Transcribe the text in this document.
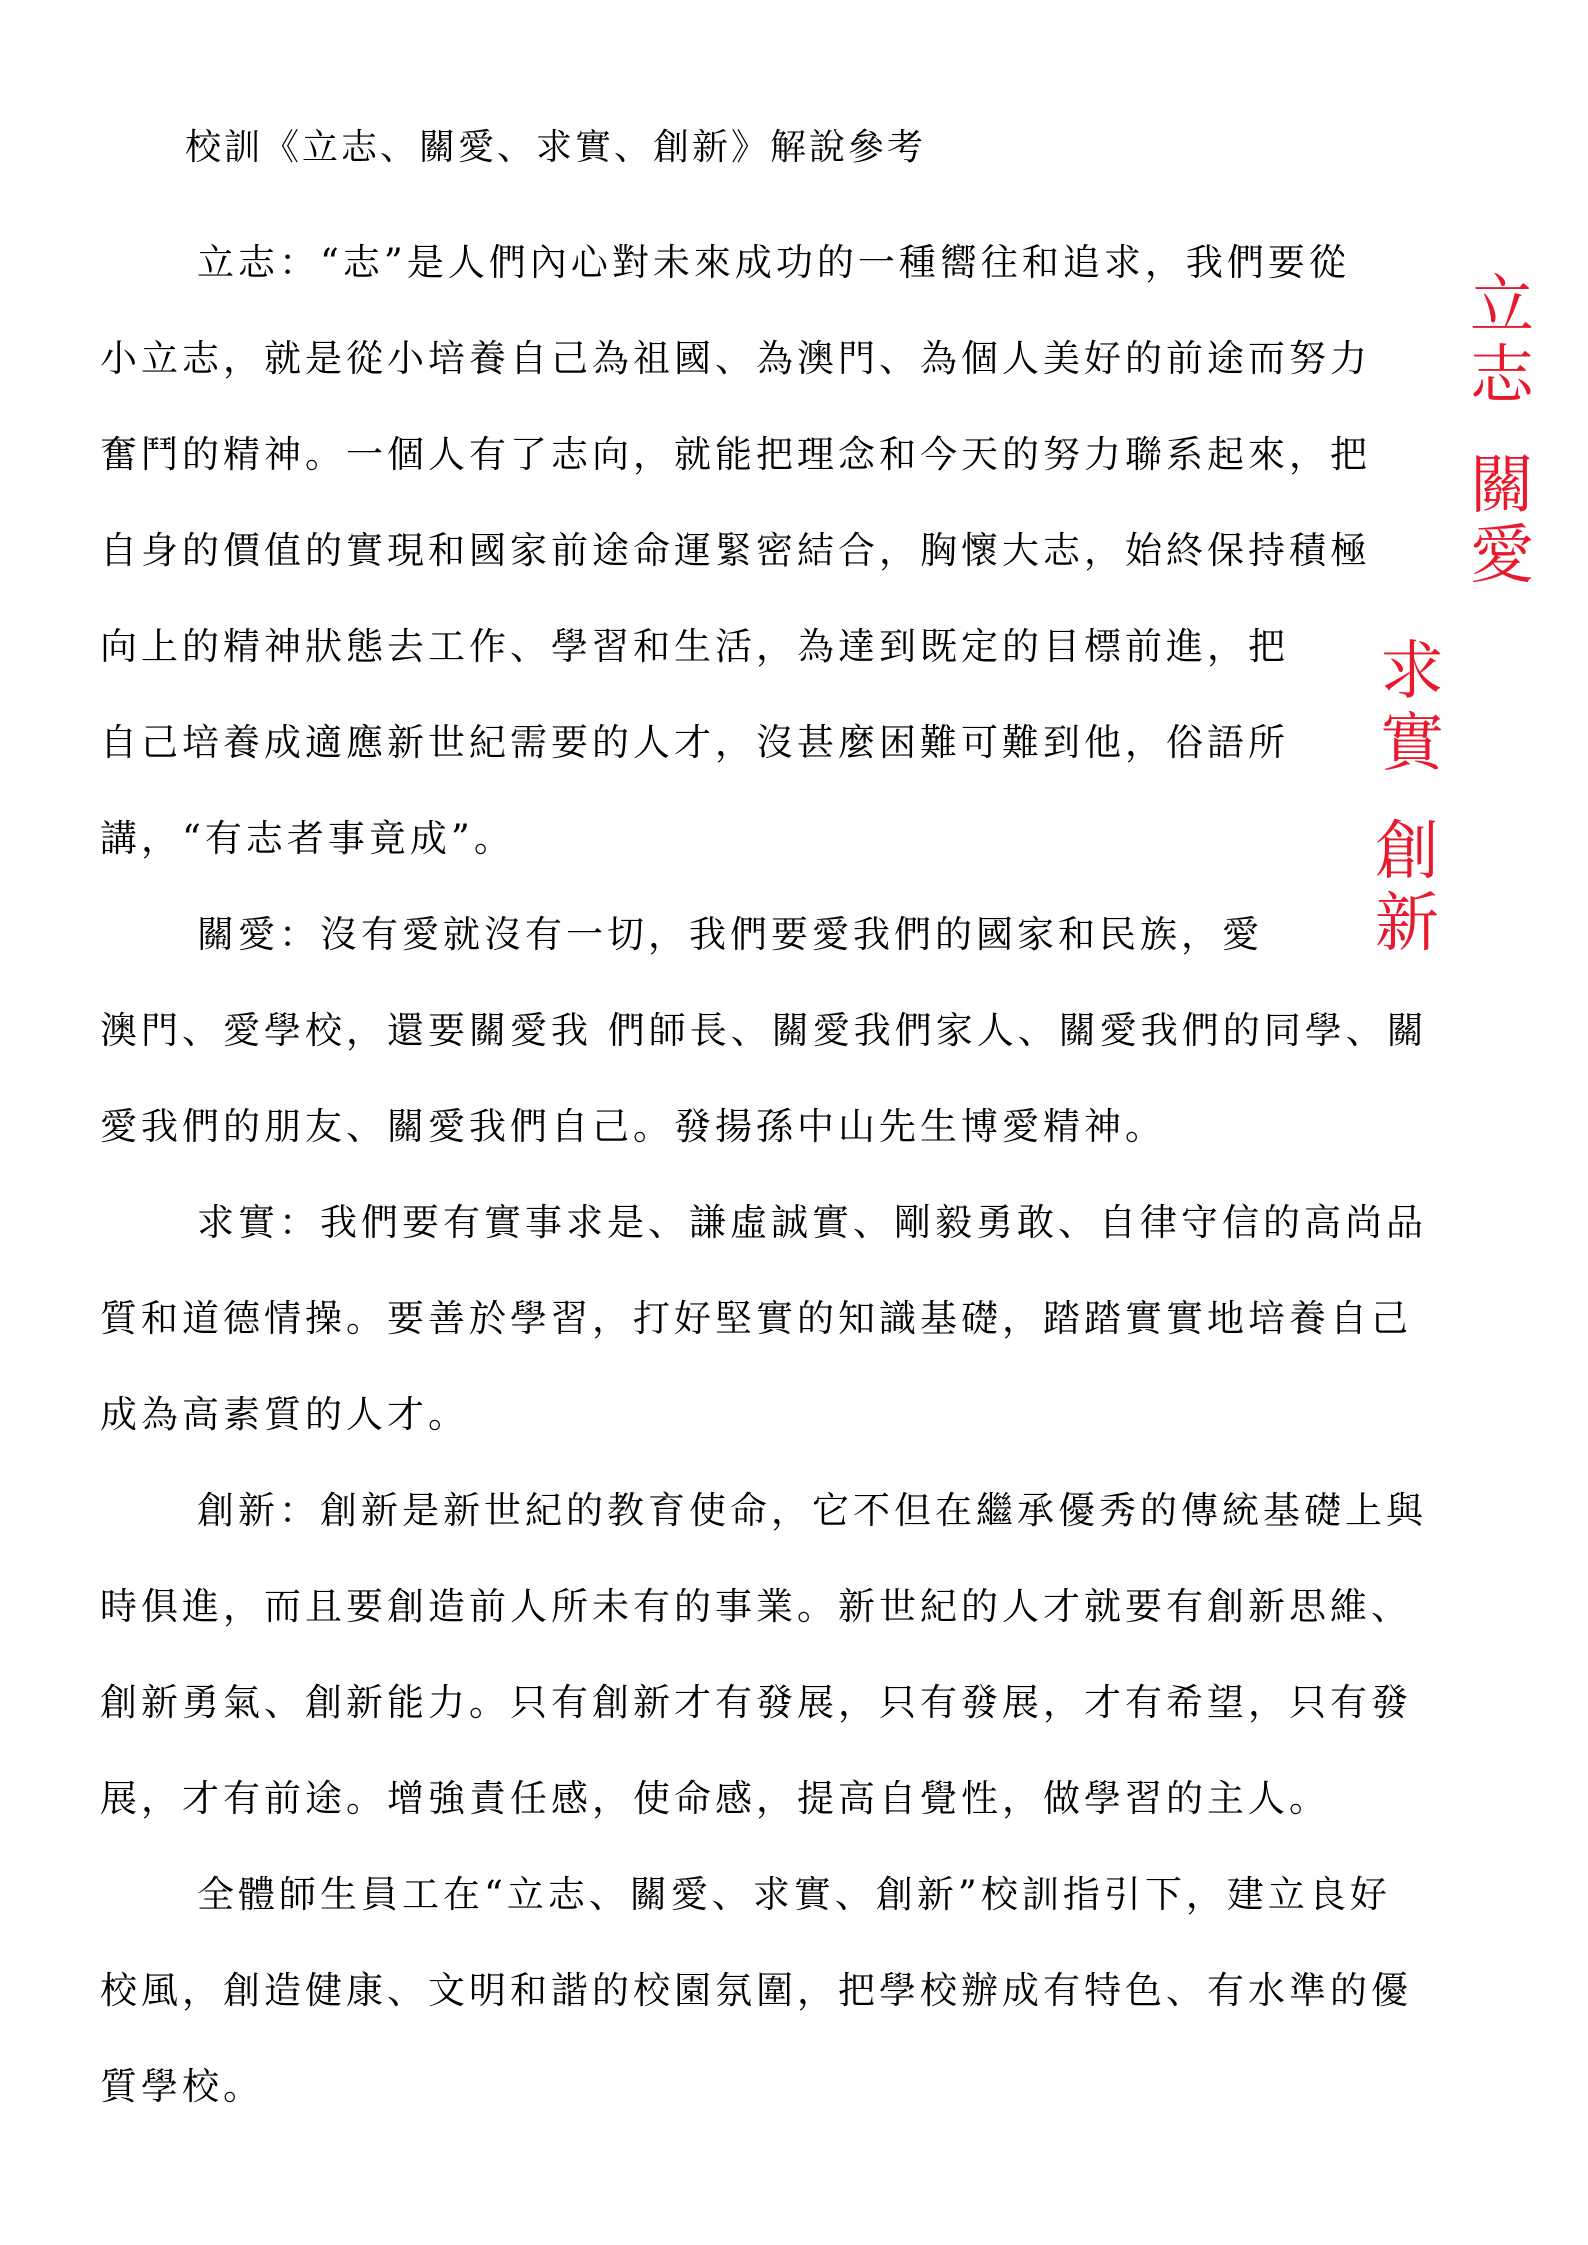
校訓《立志、關愛、求實、創新》解說參考
立志：“志”是人們內心對未來成功的一種嚮往和追求，我們要從
小立志，就是從小培養自己為祖國、為澳門、為個人美好的前途而努力
奮鬥的精神。一個人有了志向，就能把理念和今天的努力聯系起來，把
自身的價值的實現和國家前途命運緊密結合，胸懷大志，始終保持積極
向上的精神狀態去工作、學習和生活，為達到既定的目標前進，把
自己培養成適應新世紀需要的人才，沒甚麼困難可難到他，俗語所
講，“有志者事竟成”。
關愛：沒有愛就沒有一切，我們要愛我們的國家和民族，愛
澳門、愛學校，還要關愛我 們師長、關愛我們家人、關愛我們的同學、關
愛我們的朋友、關愛我們自己。發揚孫中山先生博愛精神。
求實：我們要有實事求是、謙虛誠實、剛毅勇敢、自律守信的高尚品
質和道德情操。要善於學習，打好堅實的知識基礎，踏踏實實地培養自己
成為高素質的人才。
創新：創新是新世紀的教育使命，它不但在繼承優秀的傳統基礎上與
時俱進，而且要創造前人所未有的事業。新世紀的人才就要有創新思維、
創新勇氣、創新能力。只有創新才有發展，只有發展，才有希望，只有發
展，才有前途。增強責任感，使命感，提高自覺性，做學習的主人。
全體師生員工在“立志、關愛、求實、創新”校訓指引下，建立良好
校風，創造健康、文明和諧的校園氛圍，把學校辦成有特色、有水準的優
質學校。
立
志
關
愛
求
實
創
新
